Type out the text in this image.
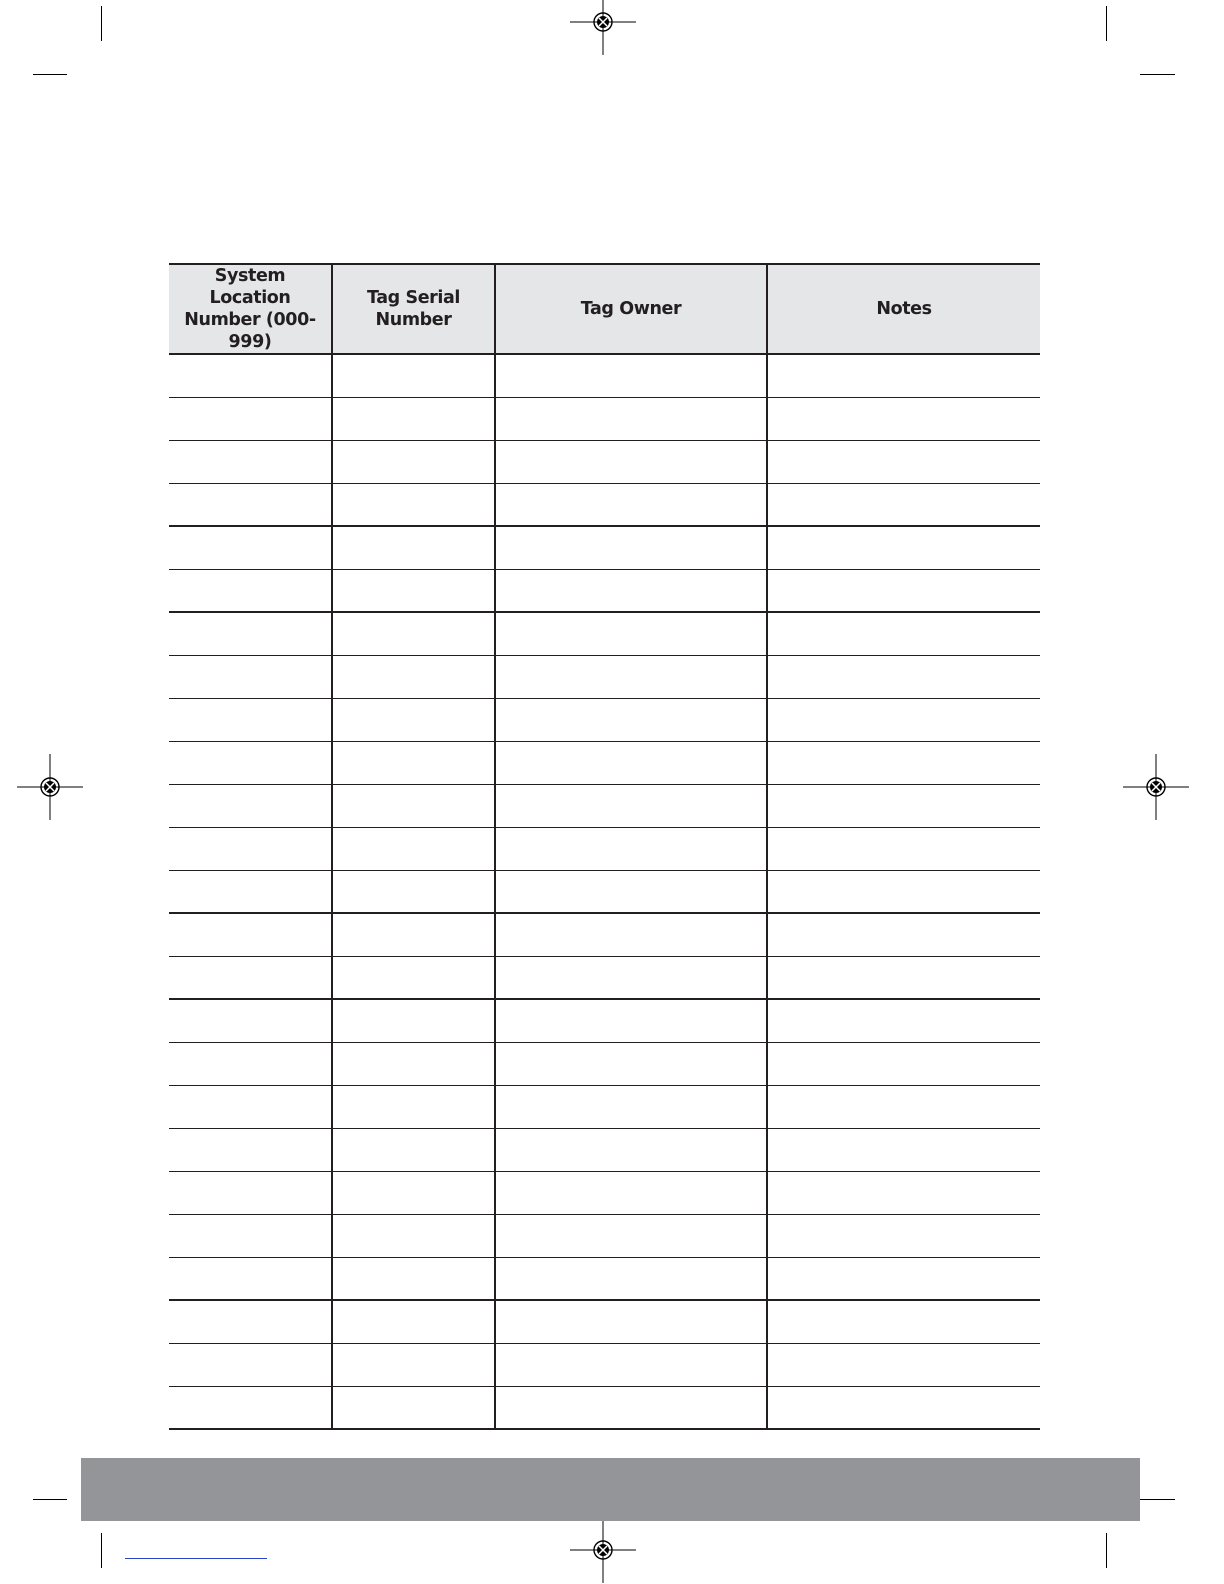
System Location Number (000-999)	Tag Serial Number	Tag Owner	Notes
